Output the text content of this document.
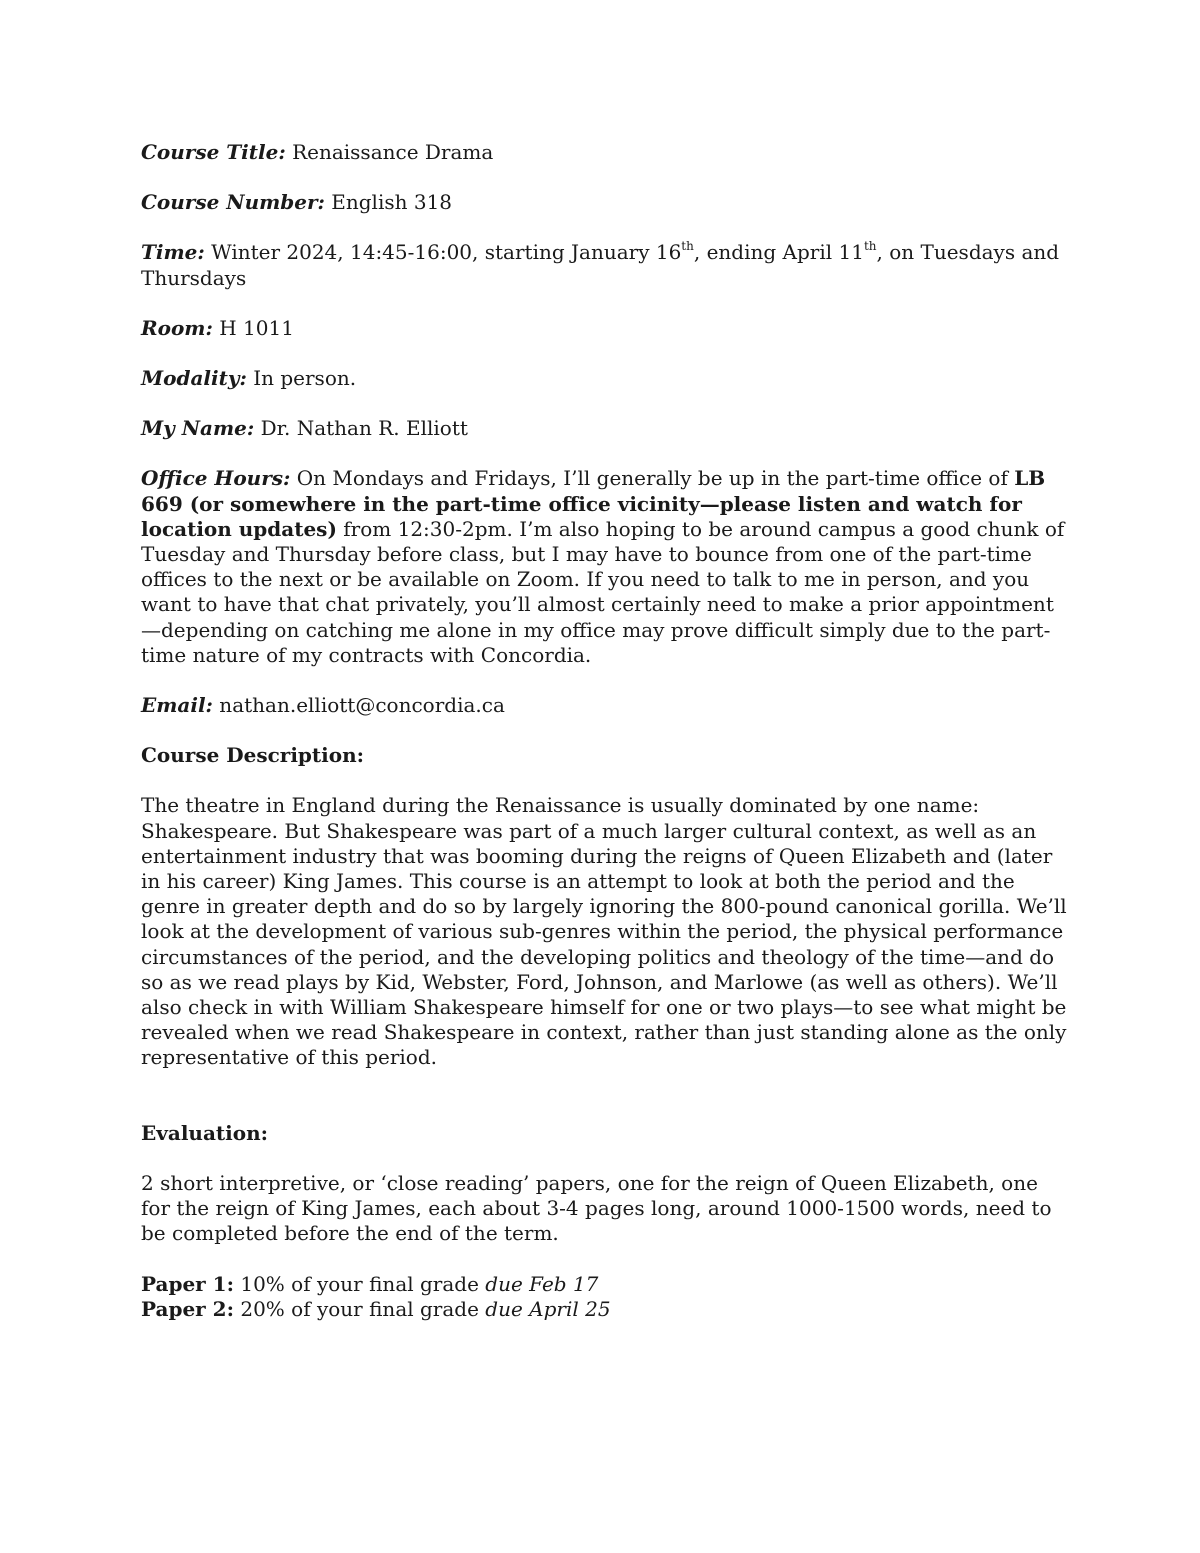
Course Title: Renaissance Drama
Course Number: English 318
Time: Winter 2024, 14:45-16:00, starting January 16th, ending April 11th, on Tuesdays and Thursdays
Room: H 1011
Modality: In person.
My Name: Dr. Nathan R. Elliott
Office Hours: On Mondays and Fridays, I’ll generally be up in the part-time office of LB 669 (or somewhere in the part-time office vicinity—please listen and watch for location updates) from 12:30-2pm. I’m also hoping to be around campus a good chunk of Tuesday and Thursday before class, but I may have to bounce from one of the part-time offices to the next or be available on Zoom. If you need to talk to me in person, and you want to have that chat privately, you’ll almost certainly need to make a prior appointment—depending on catching me alone in my office may prove difficult simply due to the part-time nature of my contracts with Concordia.
Email: nathan.elliott@concordia.ca
Course Description:
The theatre in England during the Renaissance is usually dominated by one name: Shakespeare. But Shakespeare was part of a much larger cultural context, as well as an entertainment industry that was booming during the reigns of Queen Elizabeth and (later in his career) King James. This course is an attempt to look at both the period and the genre in greater depth and do so by largely ignoring the 800-pound canonical gorilla. We’ll look at the development of various sub-genres within the period, the physical performance circumstances of the period, and the developing politics and theology of the time—and do so as we read plays by Kid, Webster, Ford, Johnson, and Marlowe (as well as others). We’ll also check in with William Shakespeare himself for one or two plays—to see what might be revealed when we read Shakespeare in context, rather than just standing alone as the only representative of this period.
Evaluation:
2 short interpretive, or ‘close reading’ papers, one for the reign of Queen Elizabeth, one for the reign of King James, each about 3-4 pages long, around 1000-1500 words, need to be completed before the end of the term.
Paper 1: 10% of your final grade due Feb 17
Paper 2: 20% of your final grade due April 25
